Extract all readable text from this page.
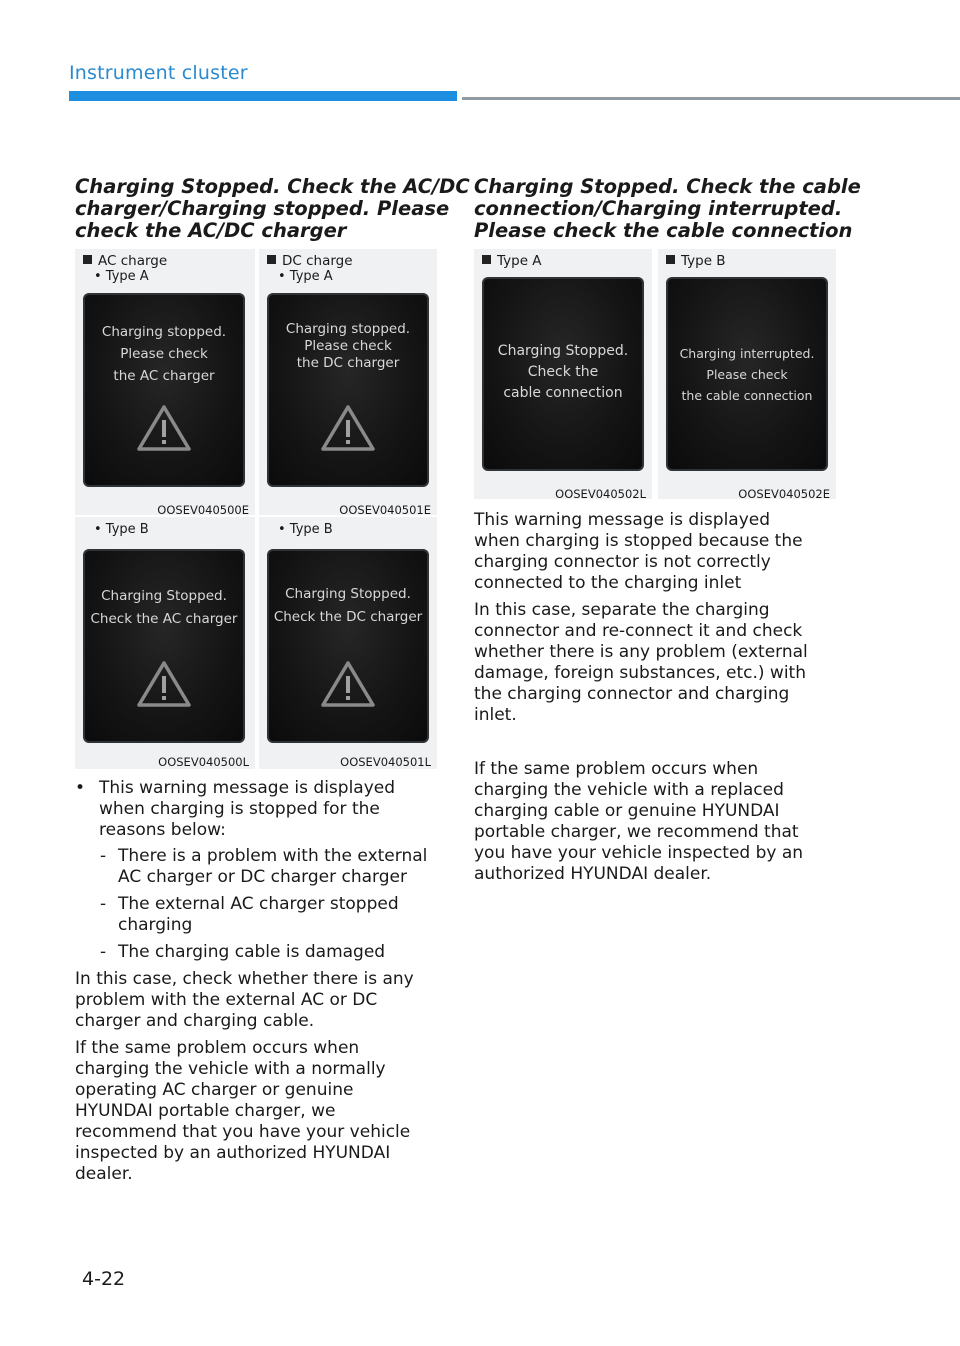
Instrument cluster
Charging Stopped. Check the AC/DC
charger/Charging stopped. Please
check the AC/DC charger
AC charge
• Type A
Charging stopped.
Please check
the AC charger
OOSEV040500E
DC charge
• Type A
Charging stopped.
Please check
the DC charger
OOSEV040501E
• Type B
Charging Stopped.
Check the AC charger
OOSEV040500L
• Type B
Charging Stopped.
Check the DC charger
OOSEV040501L
• This warning message is displayed
when charging is stopped for the
reasons below:
- There is a problem with the external
AC charger or DC charger charger
- The external AC charger stopped
charging
- The charging cable is damaged
In this case, check whether there is any
problem with the external AC or DC
charger and charging cable.
If the same problem occurs when
charging the vehicle with a normally
operating AC charger or genuine
HYUNDAI portable charger, we
recommend that you have your vehicle
inspected by an authorized HYUNDAI
dealer.
Charging Stopped. Check the cable
connection/Charging interrupted.
Please check the cable connection
Type A
Charging Stopped.
Check the
cable connection
OOSEV040502L
Type B
Charging interrupted.
Please check
the cable connection
OOSEV040502E
This warning message is displayed
when charging is stopped because the
charging connector is not correctly
connected to the charging inlet
In this case, separate the charging
connector and re-connect it and check
whether there is any problem (external
damage, foreign substances, etc.) with
the charging connector and charging
inlet.
If the same problem occurs when
charging the vehicle with a replaced
charging cable or genuine HYUNDAI
portable charger, we recommend that
you have your vehicle inspected by an
authorized HYUNDAI dealer.
4-22
